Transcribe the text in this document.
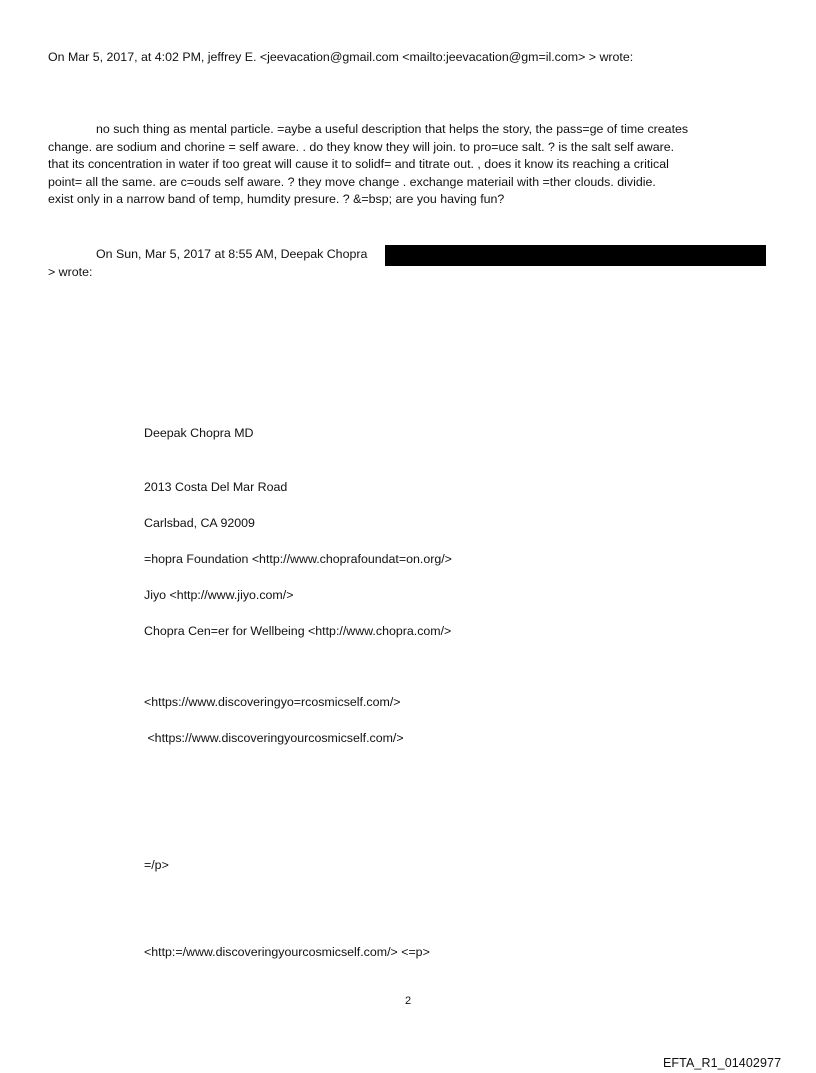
On Mar 5, 2017, at 4:02 PM, jeffrey E. <jeevacation@gmail.com <mailto:jeevacation@gm=il.com> > wrote:
no such thing as mental particle. =aybe a useful description that helps the story, the pass=ge of time creates
change. are sodium and chorine = self aware. . do they know they will join. to pro=uce salt. ? is the salt self aware.
that its concentration in water if too great will cause it to solidf= and titrate out. , does it know its reaching a critical
point= all the same. are c=ouds self aware. ? they move change . exchange materiail with =ther clouds. dividie.
exist only in a narrow band of temp, humdity presure. ? &=bsp; are you having fun?
On Sun, Mar 5, 2017 at 8:55 AM, Deepak Chopra
> wrote:
Deepak Chopra MD
2013 Costa Del Mar Road
Carlsbad, CA 92009
=hopra Foundation <http://www.choprafoundat=on.org/>
Jiyo <http://www.jiyo.com/>
Chopra Cen=er for Wellbeing <http://www.chopra.com/>
<https://www.discoveringyo=rcosmicself.com/>
<https://www.discoveringyourcosmicself.com/>
=/p>
<http:=/www.discoveringyourcosmicself.com/> <=p>
2
EFTA_R1_01402977
